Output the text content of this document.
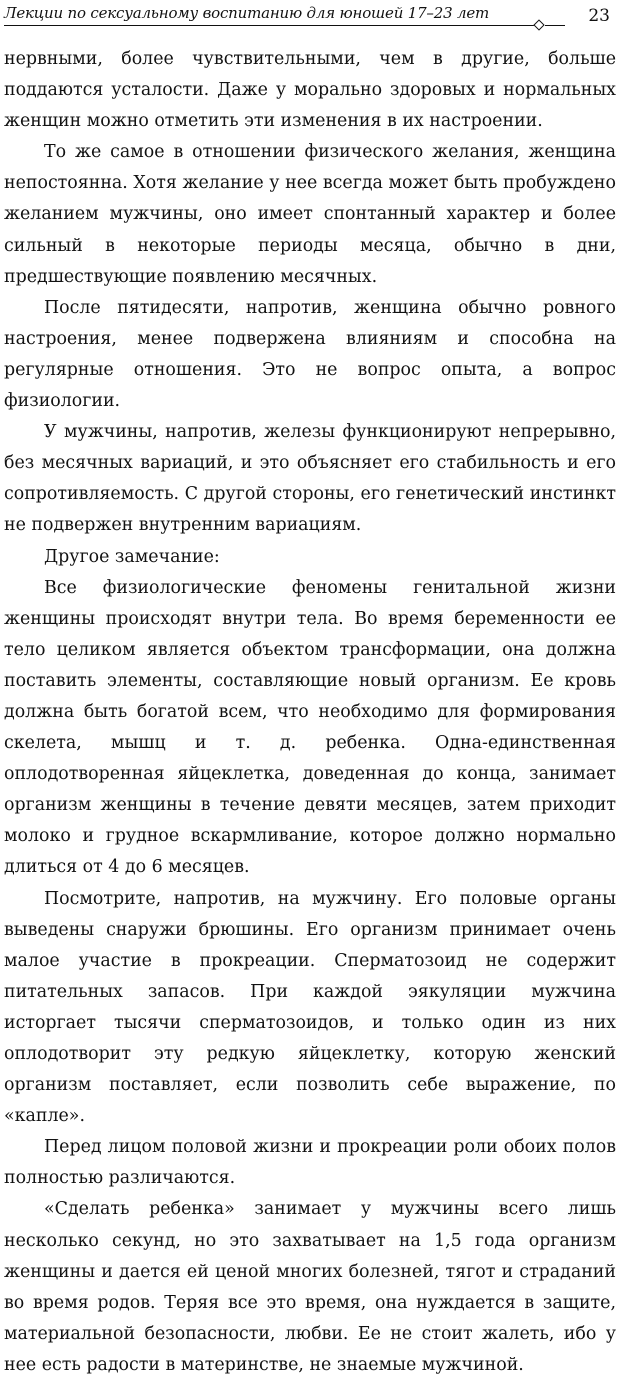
Лекции по сексуальному воспитанию для юношей 17–23 лет	23

нервными, более чувствительными, чем в другие, больше поддаются усталости. Даже у морально здоровых и нормальных женщин можно отметить эти изменения в их настроении.

То же самое в отношении физического желания, женщина непостоянна. Хотя желание у нее всегда может быть пробуждено желанием мужчины, оно имеет спонтанный характер и более сильный в некоторые периоды месяца, обычно в дни, предшествующие появлению месячных.

После пятидесяти, напротив, женщина обычно ровного настроения, менее подвержена влияниям и способна на регулярные отношения. Это не вопрос опыта, а вопрос физиологии.

У мужчины, напротив, железы функционируют непрерывно, без месячных вариаций, и это объясняет его стабильность и его сопротивляемость. С другой стороны, его генетический инстинкт не подвержен внутренним вариациям.

Другое замечание:

Все физиологические феномены генитальной жизни женщины происходят внутри тела. Во время беременности ее тело целиком является объектом трансформации, она должна поставить элементы, составляющие новый организм. Ее кровь должна быть богатой всем, что необходимо для формирования скелета, мышц и т. д. ребенка. Одна-единственная оплодотворенная яйцеклетка, доведенная до конца, занимает организм женщины в течение девяти месяцев, затем приходит молоко и грудное вскармливание, которое должно нормально длиться от 4 до 6 месяцев.

Посмотрите, напротив, на мужчину. Его половые органы выведены снаружи брюшины. Его организм принимает очень малое участие в прокреации. Сперматозоид не содержит питательных запасов. При каждой эякуляции мужчина исторгает тысячи сперматозоидов, и только один из них оплодотворит эту редкую яйцеклетку, которую женский организм поставляет, если позволить себе выражение, по «капле».

Перед лицом половой жизни и прокреации роли обоих полов полностью различаются.

«Сделать ребенка» занимает у мужчины всего лишь несколько секунд, но это захватывает на 1,5 года организм женщины и дается ей ценой многих болезней, тягот и страданий во время родов. Теряя все это время, она нуждается в защите, материальной безопасности, любви. Ее не стоит жалеть, ибо у нее есть радости в материнстве, не знаемые мужчиной.
